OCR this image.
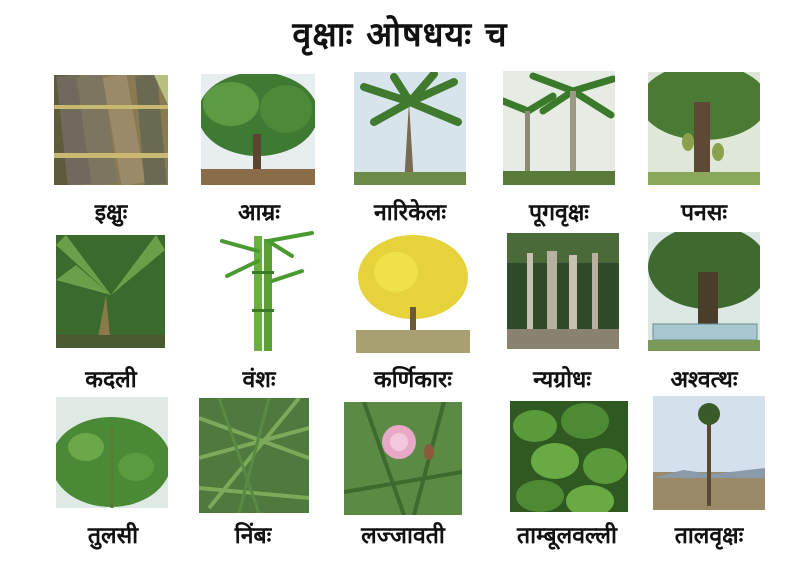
वृक्षाः ओषधयः च
इक्षुः	आम्रः	नारिकेलः	पूगवृक्षः	पनसः
कदली	वंशः	कर्णिकारः	न्यग्रोधः	अश्वत्थः
तुलसी	निंबः	लज्जावती	ताम्बूलवल्ली	तालवृक्षः
